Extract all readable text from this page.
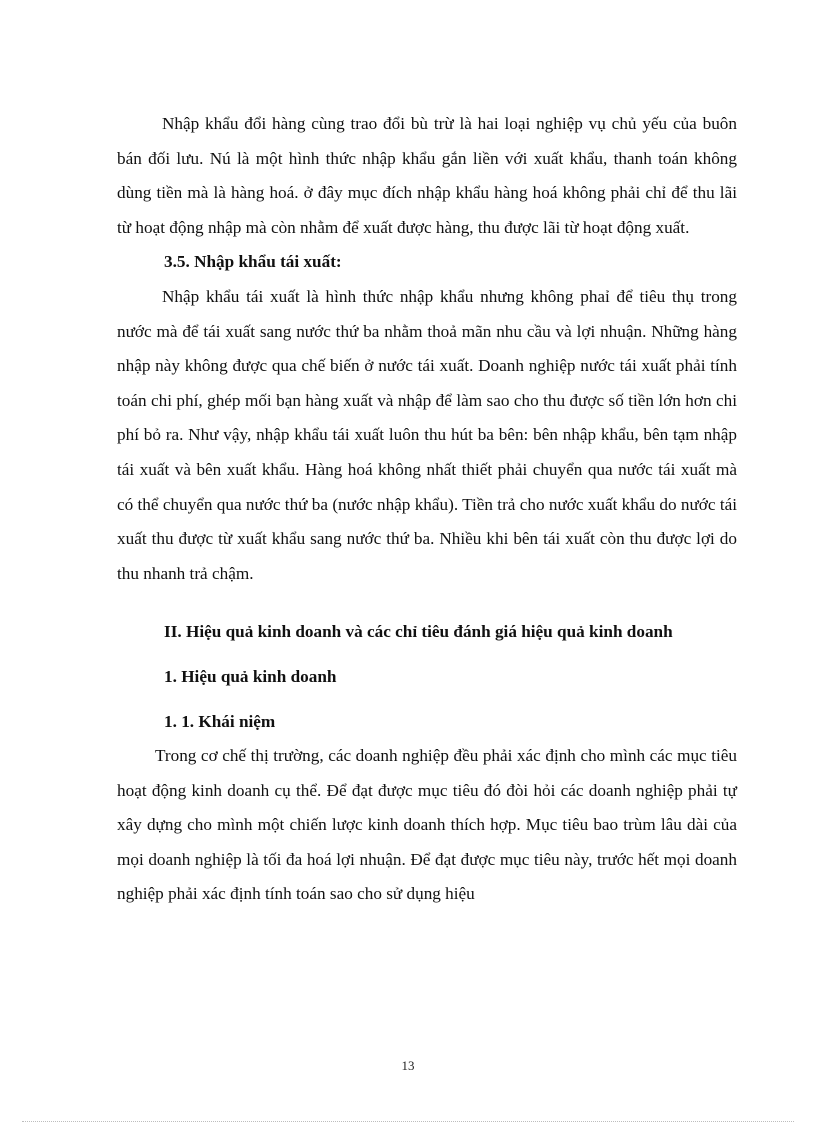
Nhập khẩu đổi hàng cùng trao đổi bù trừ là hai loại nghiệp vụ chủ yếu của buôn bán đối lưu. Nú là một hình thức nhập khẩu gắn liền với xuất khẩu, thanh toán không dùng tiền mà là hàng hoá. ở đây mục đích nhập khẩu hàng hoá không phải chỉ để thu lãi từ hoạt động nhập mà còn nhằm để xuất được hàng, thu được lãi từ hoạt động xuất.

3.5. Nhập khẩu tái xuất:

Nhập khẩu tái xuất là hình thức nhập khẩu nhưng không phaỉ để tiêu thụ trong nước mà để tái xuất sang nước thứ ba nhằm thoả mãn nhu cầu và lợi nhuận. Những hàng nhập này không được qua chế biến ở nước tái xuất. Doanh nghiệp nước tái xuất phải tính toán chi phí, ghép mối bạn hàng xuất và nhập để làm sao cho thu được số tiền lớn hơn chi phí bỏ ra. Như vậy, nhập khẩu tái xuất luôn thu hút ba bên: bên nhập khẩu, bên tạm nhập tái xuất và bên xuất khẩu. Hàng hoá không nhất thiết phải chuyển qua nước tái xuất mà có thể chuyển qua nước thứ ba (nước nhập khẩu). Tiền trả cho nước xuất khẩu do nước tái xuất thu được từ xuất khẩu sang nước thứ ba. Nhiều khi bên tái xuất còn thu được lợi do thu nhanh trả chậm.

II. Hiệu quả kinh doanh và các chỉ tiêu đánh giá hiệu quả kinh doanh

1. Hiệu quả kinh doanh

1. 1. Khái niệm

Trong cơ chế thị trường, các doanh nghiệp đều phải xác định cho mình các mục tiêu hoạt động kinh doanh cụ thể. Để đạt được mục tiêu đó đòi hỏi các doanh nghiệp phải tự xây dựng cho mình một chiến lược kinh doanh thích hợp. Mục tiêu bao trùm lâu dài của mọi doanh nghiệp là tối đa hoá lợi nhuận. Để đạt được mục tiêu này, trước hết mọi doanh nghiệp phải xác định tính toán sao cho sử dụng hiệu

13
